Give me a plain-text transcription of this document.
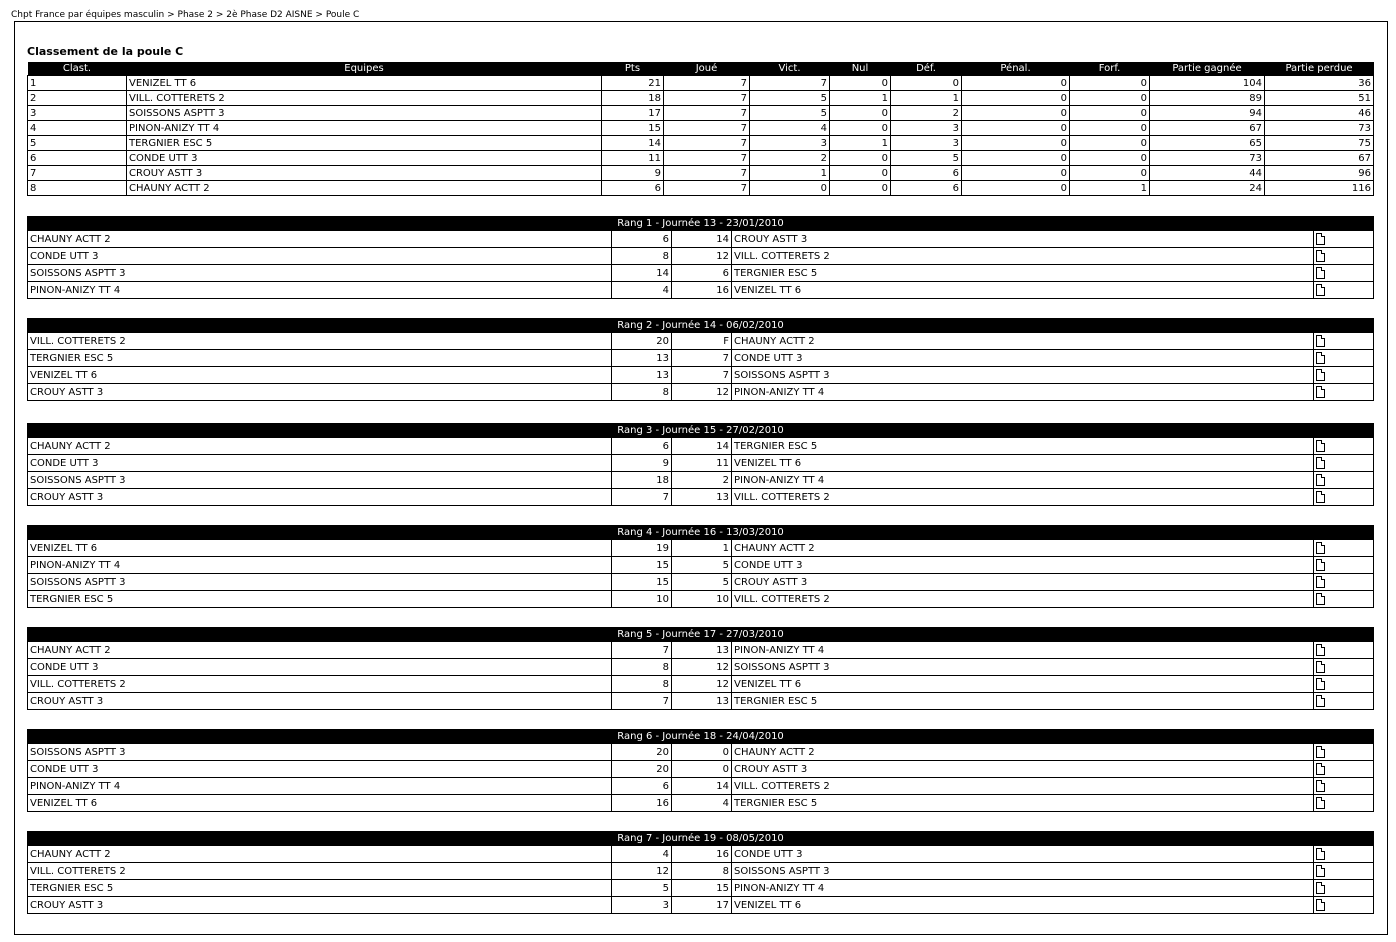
Chpt France par équipes masculin > Phase 2 > 2è Phase D2 AISNE > Poule C
Classement de la poule C
Clast.	Equipes	Pts	Joué	Vict.	Nul	Déf.	Pénal.	Forf.	Partie gagnée	Partie perdue
1	VENIZEL TT 6	21	7	7	0	0	0	0	104	36
2	VILL. COTTERETS 2	18	7	5	1	1	0	0	89	51
3	SOISSONS ASPTT 3	17	7	5	0	2	0	0	94	46
4	PINON-ANIZY TT 4	15	7	4	0	3	0	0	67	73
5	TERGNIER ESC 5	14	7	3	1	3	0	0	65	75
6	CONDE UTT 3	11	7	2	0	5	0	0	73	67
7	CROUY ASTT 3	9	7	1	0	6	0	0	44	96
8	CHAUNY ACTT 2	6	7	0	0	6	0	1	24	116
Rang 1 - Journée 13 - 23/01/2010				
CHAUNY ACTT 2	6	14	CROUY ASTT 3	
CONDE UTT 3	8	12	VILL. COTTERETS 2	
SOISSONS ASPTT 3	14	6	TERGNIER ESC 5	
PINON-ANIZY TT 4	4	16	VENIZEL TT 6	
Rang 2 - Journée 14 - 06/02/2010				
VILL. COTTERETS 2	20	F	CHAUNY ACTT 2	
TERGNIER ESC 5	13	7	CONDE UTT 3	
VENIZEL TT 6	13	7	SOISSONS ASPTT 3	
CROUY ASTT 3	8	12	PINON-ANIZY TT 4	
Rang 3 - Journée 15 - 27/02/2010				
CHAUNY ACTT 2	6	14	TERGNIER ESC 5	
CONDE UTT 3	9	11	VENIZEL TT 6	
SOISSONS ASPTT 3	18	2	PINON-ANIZY TT 4	
CROUY ASTT 3	7	13	VILL. COTTERETS 2	
Rang 4 - Journée 16 - 13/03/2010				
VENIZEL TT 6	19	1	CHAUNY ACTT 2	
PINON-ANIZY TT 4	15	5	CONDE UTT 3	
SOISSONS ASPTT 3	15	5	CROUY ASTT 3	
TERGNIER ESC 5	10	10	VILL. COTTERETS 2	
Rang 5 - Journée 17 - 27/03/2010				
CHAUNY ACTT 2	7	13	PINON-ANIZY TT 4	
CONDE UTT 3	8	12	SOISSONS ASPTT 3	
VILL. COTTERETS 2	8	12	VENIZEL TT 6	
CROUY ASTT 3	7	13	TERGNIER ESC 5	
Rang 6 - Journée 18 - 24/04/2010				
SOISSONS ASPTT 3	20	0	CHAUNY ACTT 2	
CONDE UTT 3	20	0	CROUY ASTT 3	
PINON-ANIZY TT 4	6	14	VILL. COTTERETS 2	
VENIZEL TT 6	16	4	TERGNIER ESC 5	
Rang 7 - Journée 19 - 08/05/2010				
CHAUNY ACTT 2	4	16	CONDE UTT 3	
VILL. COTTERETS 2	12	8	SOISSONS ASPTT 3	
TERGNIER ESC 5	5	15	PINON-ANIZY TT 4	
CROUY ASTT 3	3	17	VENIZEL TT 6	
